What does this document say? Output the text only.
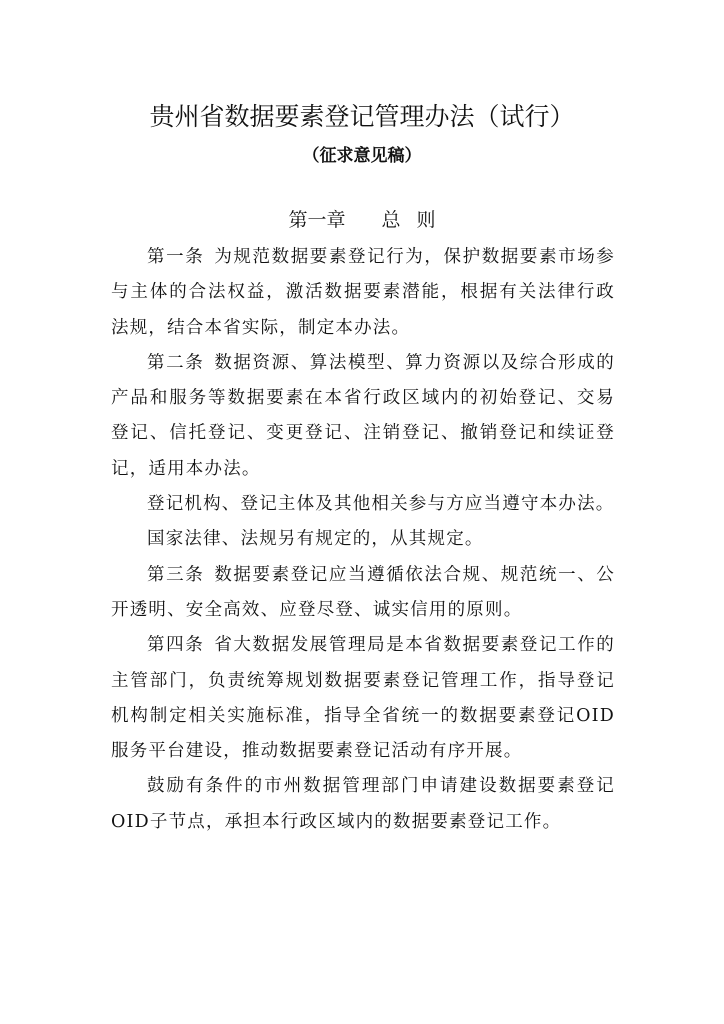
贵州省数据要素登记管理办法（试行）
（征求意见稿）
第一章 总 则

第一条 为规范数据要素登记行为，保护数据要素市场参与主体的合法权益，激活数据要素潜能，根据有关法律行政法规，结合本省实际，制定本办法。

第二条 数据资源、算法模型、算力资源以及综合形成的产品和服务等数据要素在本省行政区域内的初始登记、交易登记、信托登记、变更登记、注销登记、撤销登记和续证登记，适用本办法。

登记机构、登记主体及其他相关参与方应当遵守本办法。

国家法律、法规另有规定的，从其规定。

第三条 数据要素登记应当遵循依法合规、规范统一、公开透明、安全高效、应登尽登、诚实信用的原则。

第四条 省大数据发展管理局是本省数据要素登记工作的主管部门，负责统筹规划数据要素登记管理工作，指导登记机构制定相关实施标准，指导全省统一的数据要素登记OID服务平台建设，推动数据要素登记活动有序开展。

鼓励有条件的市州数据管理部门申请建设数据要素登记OID子节点，承担本行政区域内的数据要素登记工作。
